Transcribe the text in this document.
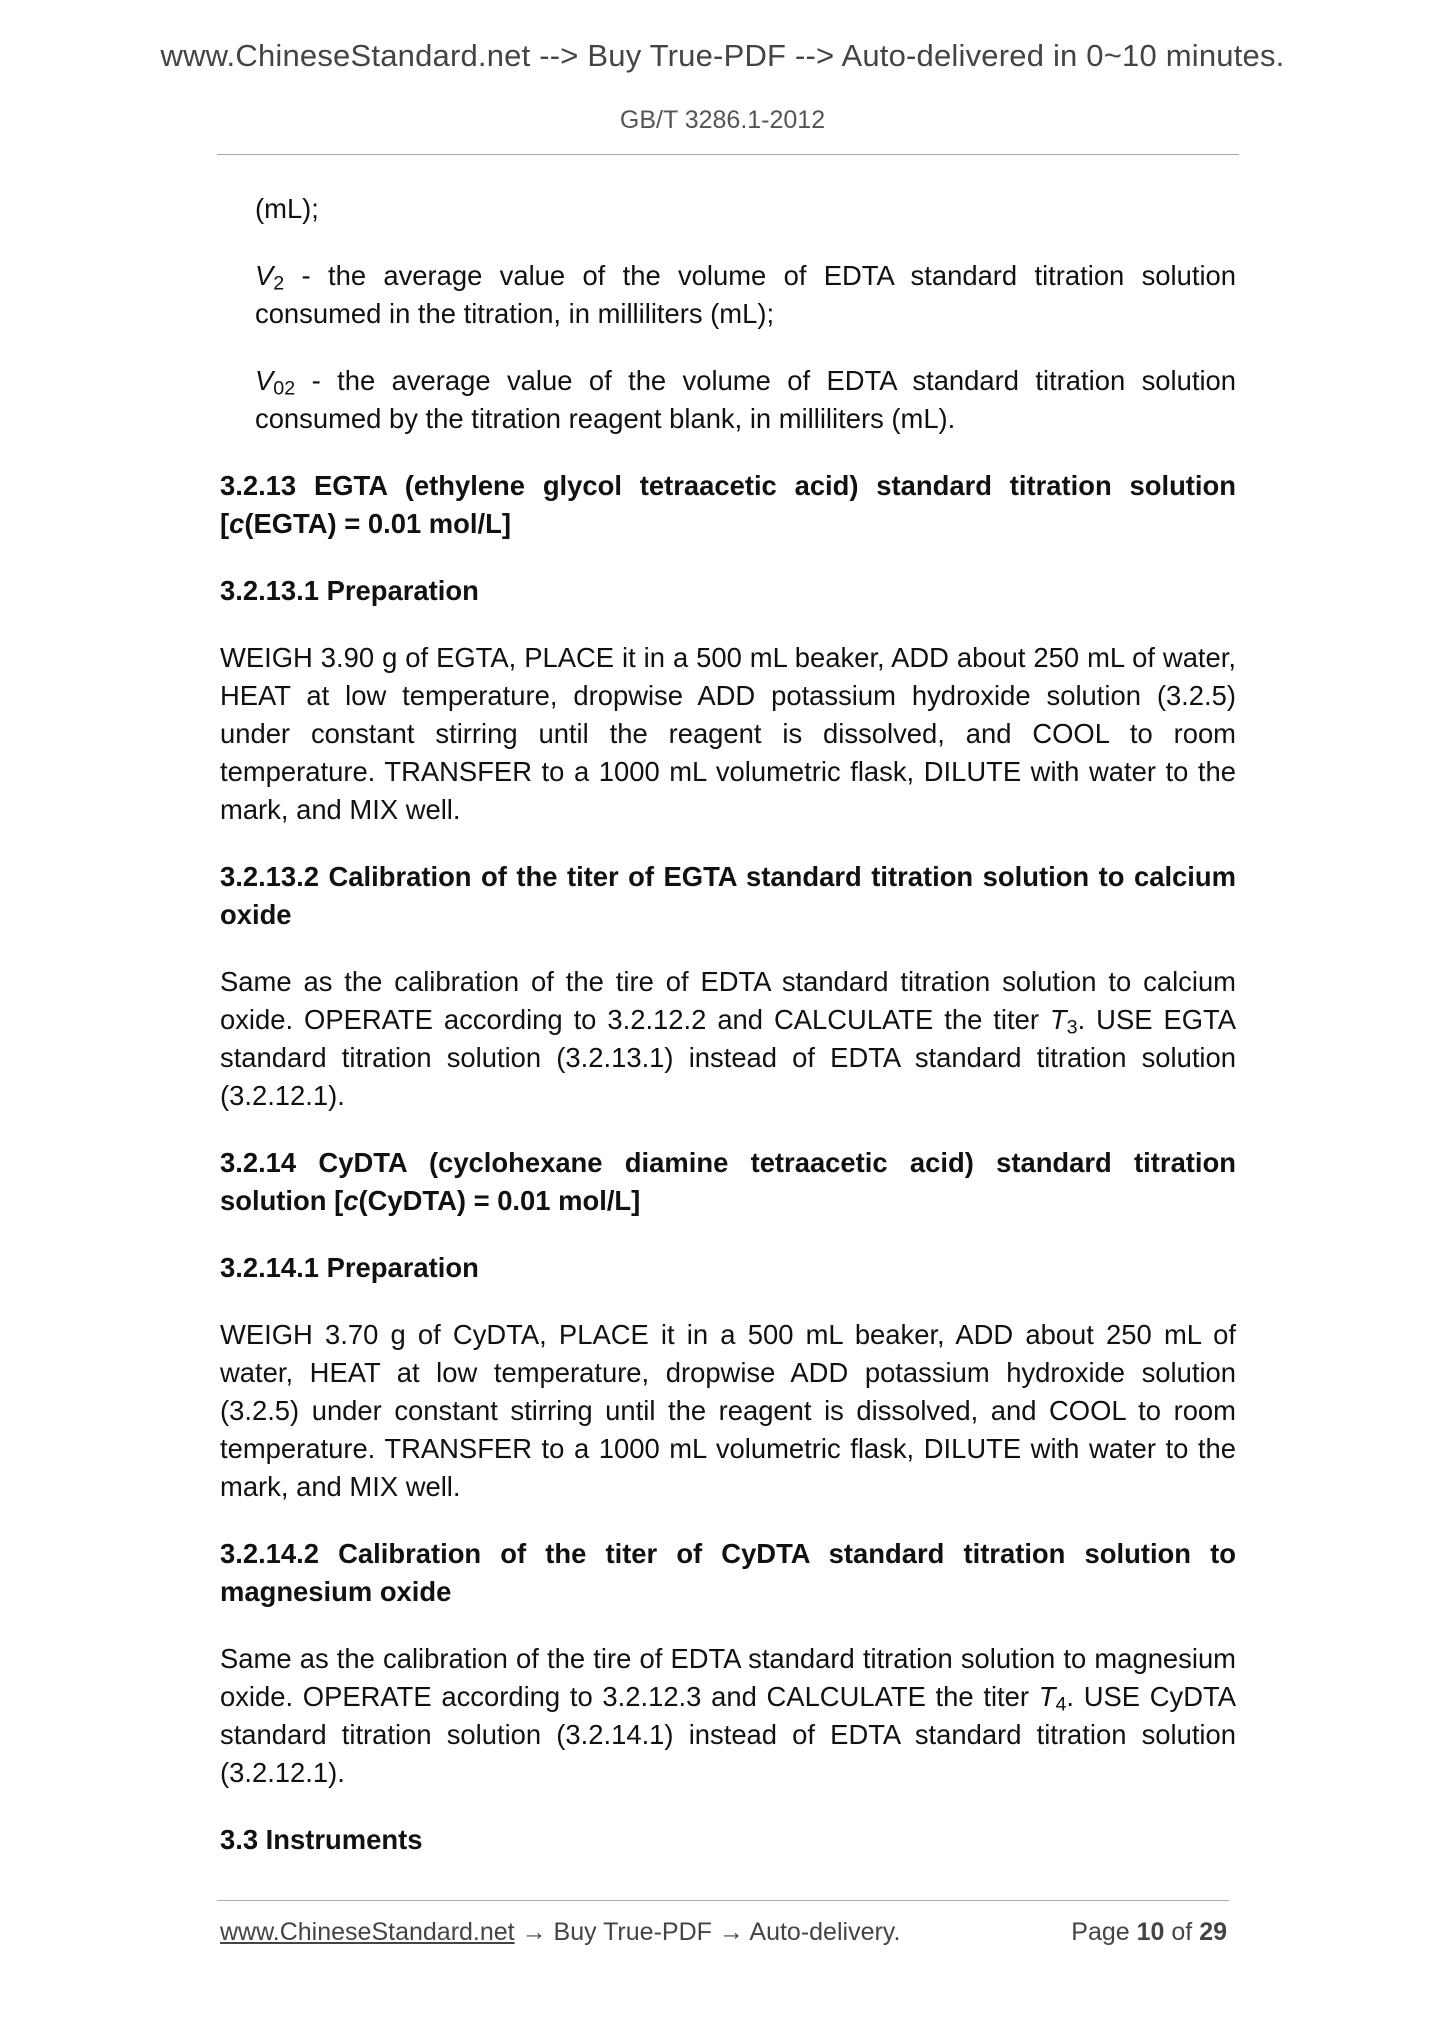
www.ChineseStandard.net --> Buy True-PDF --> Auto-delivered in 0~10 minutes.
GB/T 3286.1-2012

(mL);

$V_2$ - the average value of the volume of EDTA standard titration solution consumed in the titration, in milliliters (mL);

$V_{02}$ - the average value of the volume of EDTA standard titration solution consumed by the titration reagent blank, in milliliters (mL).

3.2.13 EGTA (ethylene glycol tetraacetic acid) standard titration solution [c(EGTA) = 0.01 mol/L]

3.2.13.1 Preparation

WEIGH 3.90 g of EGTA, PLACE it in a 500 mL beaker, ADD about 250 mL of water, HEAT at low temperature, dropwise ADD potassium hydroxide solution (3.2.5) under constant stirring until the reagent is dissolved, and COOL to room temperature. TRANSFER to a 1000 mL volumetric flask, DILUTE with water to the mark, and MIX well.

3.2.13.2 Calibration of the titer of EGTA standard titration solution to calcium oxide

Same as the calibration of the tire of EDTA standard titration solution to calcium oxide. OPERATE according to 3.2.12.2 and CALCULATE the titer $T_3$. USE EGTA standard titration solution (3.2.13.1) instead of EDTA standard titration solution (3.2.12.1).

3.2.14 CyDTA (cyclohexane diamine tetraacetic acid) standard titration solution [c(CyDTA) = 0.01 mol/L]

3.2.14.1 Preparation

WEIGH 3.70 g of CyDTA, PLACE it in a 500 mL beaker, ADD about 250 mL of water, HEAT at low temperature, dropwise ADD potassium hydroxide solution (3.2.5) under constant stirring until the reagent is dissolved, and COOL to room temperature. TRANSFER to a 1000 mL volumetric flask, DILUTE with water to the mark, and MIX well.

3.2.14.2 Calibration of the titer of CyDTA standard titration solution to magnesium oxide

Same as the calibration of the tire of EDTA standard titration solution to magnesium oxide. OPERATE according to 3.2.12.3 and CALCULATE the titer $T_4$. USE CyDTA standard titration solution (3.2.14.1) instead of EDTA standard titration solution (3.2.12.1).

3.3 Instruments

www.ChineseStandard.net → Buy True-PDF → Auto-delivery.	Page 10 of 29
